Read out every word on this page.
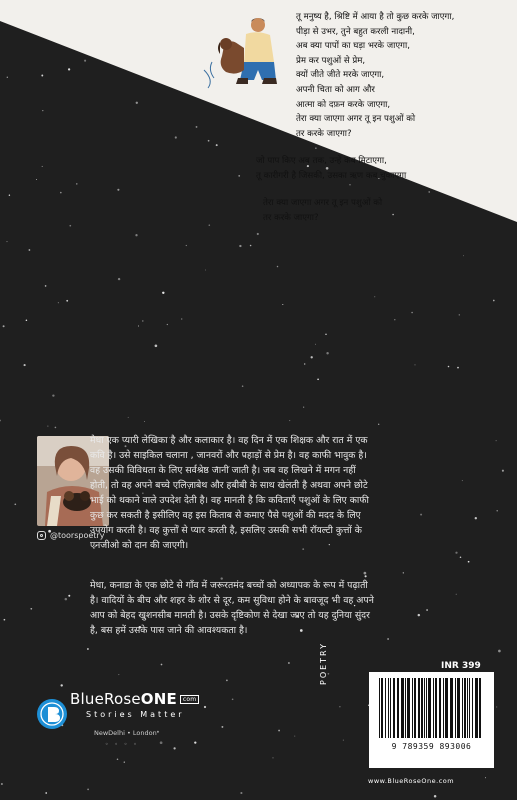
तू मनुष्य है, श्रिष्टि में आया है तो कुछ करके जाएगा,
पीड़ा से उभर, तुने बहुत करली नादानी,
अब क्या पापों का घड़ा भरके जाएगा,
प्रेम कर पशुओं से प्रेम,
क्यों जीते जीते मरके जाएगा,
अपनी चिता को आग और
आत्मा को दफ़न करके जाएगा,
तेरा क्या जाएगा अगर तू इन पशुओं को
तर करके जाएगा?
जो पाप किए अब तक, उन्हें कब मिटाएगा,
तू कारीगरी है जिसकी, उसका ऋण कब चुकाएगा
तेरा क्या जाएगा अगर तू इन पशुओं को
तर करके जाएगा?
@toorspoetry
मेधा एक प्यारी लेखिका है और कलाकार है। वह दिन में एक शिक्षक और रात में एक
कवि है। उसे साइकिल चलाना , जानवरों और पहाड़ों से प्रेम है। वह काफी भावुक है।
वह उसकी विविधता के लिए सर्वश्रेष्ठ जानी जाती है। जब वह लिखने में मगन नहीं
होती, तो वह अपने बच्चे एलिज़ाबेथ और हबीबी के साथ खेलती है अथवा अपने छोटे
भाई को थकाने वाले उपदेश देती है। वह मानती है कि कविताएँ पशुओं के लिए काफी
कुछ कर सकती है इसीलिए वह इस किताब से कमाए पैसे पशुओं की मदद के लिए
उपयोग करती है। वह कुत्तों से प्यार करती है, इसलिए उसकी सभी रॉयल्टी कुत्तों के
एनजीओ को दान की जाएगी।
मेधा, कनाडा के एक छोटे से गाँव में जरूरतमंद बच्चों को अध्यापक के रूप में पढ़ाती
है। वादियों के बीच और शहर के शोर से दूर, कम सुविधा होने के बावजूद भी वह अपने
आप को बेहद खुशनसीब मानती है। उसके दृष्टिकोण से देखा जाए तो यह दुनिया सुंदर
है, बस हमें उसके पास जाने की आवश्यकता है।
BlueRoseONE com
Stories Matter
NewDelhi • London
◦ ◦ ◦ ◦
INR 399
POETRY
9 789359 893006
www.BlueRoseOne.com
